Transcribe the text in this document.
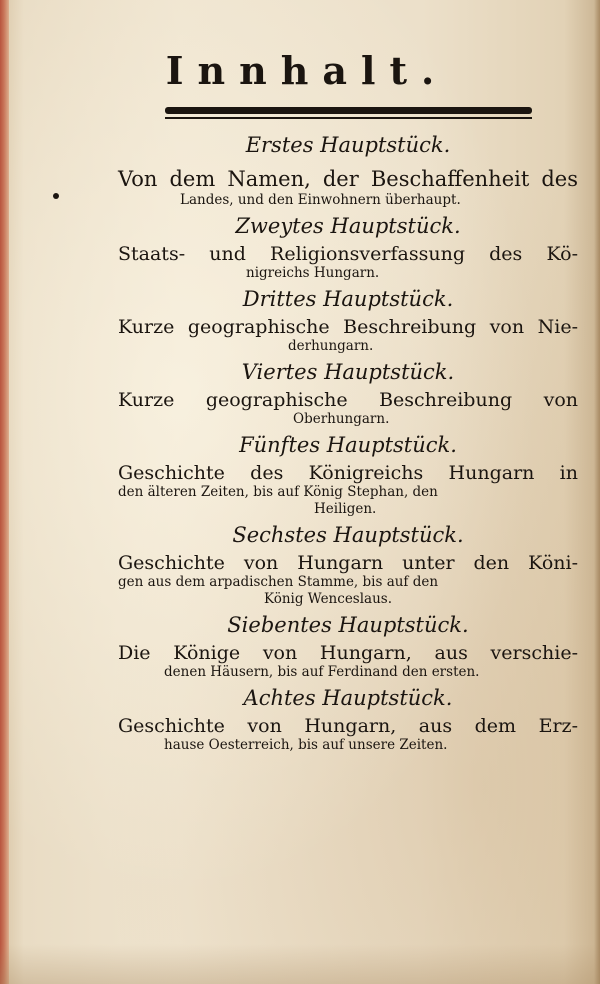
Innhalt.
Erstes Hauptstück.
Von dem Namen, der Beschaffenheit des
Landes, und den Einwohnern überhaupt.
Zweytes Hauptstück.
Staats- und Religionsverfassung des Kö-
nigreichs Hungarn.
Drittes Hauptstück.
Kurze geographische Beschreibung von Nie-
derhungarn.
Viertes Hauptstück.
Kurze geographische Beschreibung von
Oberhungarn.
Fünftes Hauptstück.
Geschichte des Königreichs Hungarn in
den älteren Zeiten, bis auf König Stephan, den
Heiligen.
Sechstes Hauptstück.
Geschichte von Hungarn unter den Köni-
gen aus dem arpadischen Stamme, bis auf den
König Wenceslaus.
Siebentes Hauptstück.
Die Könige von Hungarn, aus verschie-
denen Häusern, bis auf Ferdinand den ersten.
Achtes Hauptstück.
Geschichte von Hungarn, aus dem Erz-
hause Oesterreich, bis auf unsere Zeiten.
